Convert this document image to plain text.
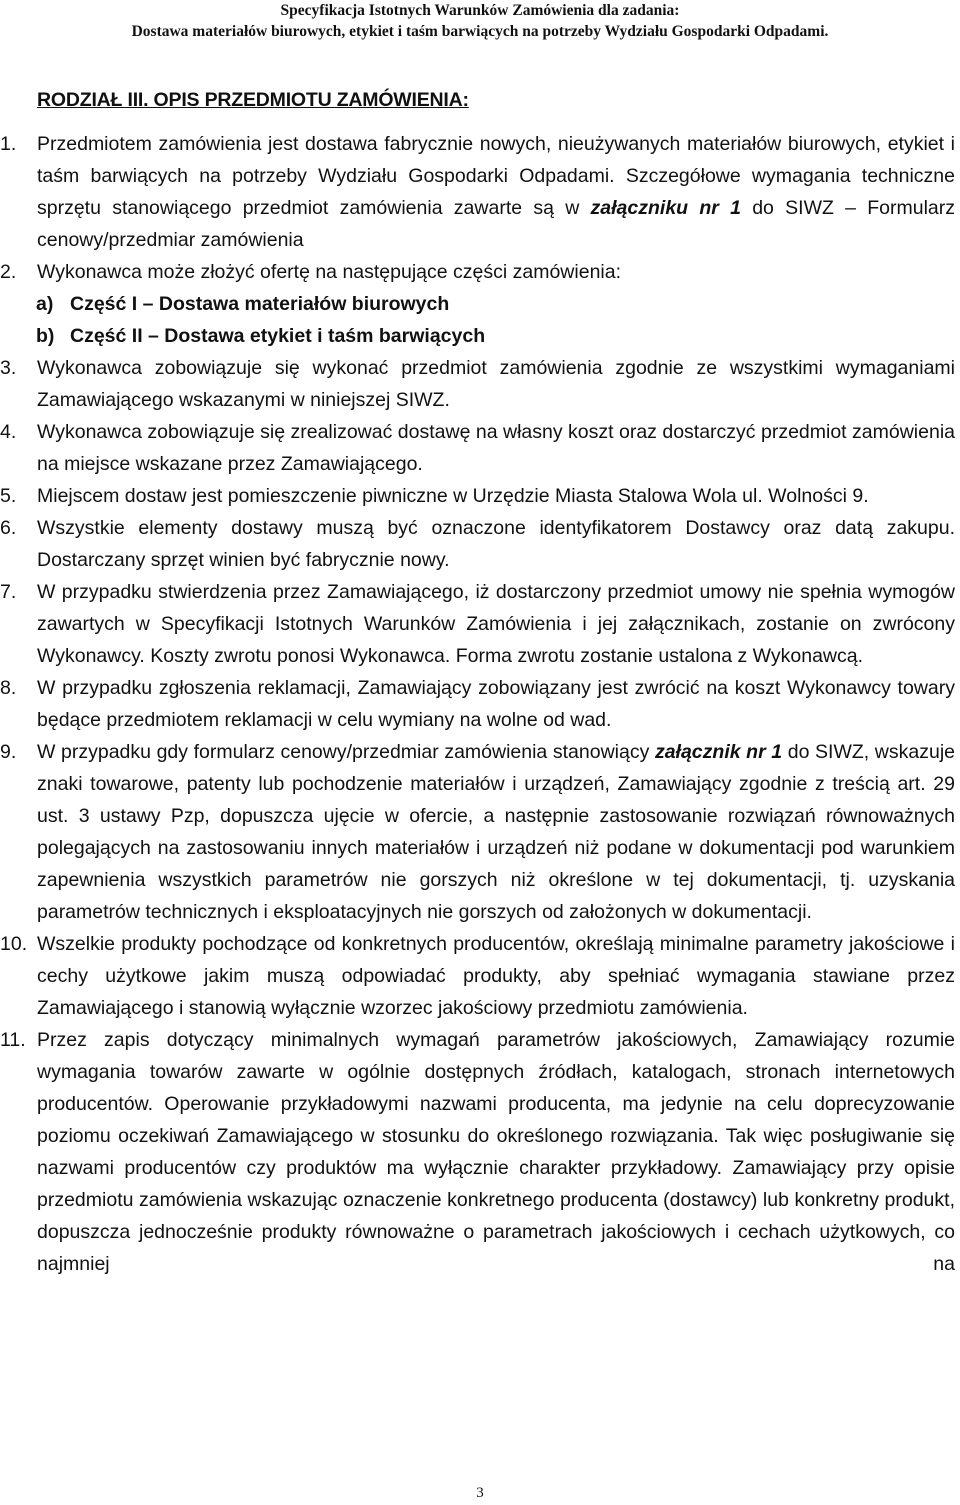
Specyfikacja Istotnych Warunków Zamówienia dla zadania:
Dostawa materiałów biurowych, etykiet i taśm barwiących na potrzeby Wydziału Gospodarki Odpadami.
RODZIAŁ III. OPIS PRZEDMIOTU ZAMÓWIENIA:
1. Przedmiotem zamówienia jest dostawa fabrycznie nowych, nieużywanych materiałów biurowych, etykiet i taśm barwiących na potrzeby Wydziału Gospodarki Odpadami. Szczegółowe wymagania techniczne sprzętu stanowiącego przedmiot zamówienia zawarte są w załączniku nr 1 do SIWZ – Formularz cenowy/przedmiar zamówienia
2. Wykonawca może złożyć ofertę na następujące części zamówienia:
a) Część I – Dostawa materiałów biurowych
b) Część II – Dostawa etykiet i taśm barwiących
3. Wykonawca zobowiązuje się wykonać przedmiot zamówienia zgodnie ze wszystkimi wymaganiami Zamawiającego wskazanymi w niniejszej SIWZ.
4. Wykonawca zobowiązuje się zrealizować dostawę na własny koszt oraz dostarczyć przedmiot zamówienia na miejsce wskazane przez Zamawiającego.
5. Miejscem dostaw jest pomieszczenie piwniczne w Urzędzie Miasta Stalowa Wola ul. Wolności 9.
6. Wszystkie elementy dostawy muszą być oznaczone identyfikatorem Dostawcy oraz datą zakupu. Dostarczany sprzęt winien być fabrycznie nowy.
7. W przypadku stwierdzenia przez Zamawiającego, iż dostarczony przedmiot umowy nie spełnia wymogów zawartych w Specyfikacji Istotnych Warunków Zamówienia i jej załącznikach, zostanie on zwrócony Wykonawcy. Koszty zwrotu ponosi Wykonawca. Forma zwrotu zostanie ustalona z Wykonawcą.
8. W przypadku zgłoszenia reklamacji, Zamawiający zobowiązany jest zwrócić na koszt Wykonawcy towary będące przedmiotem reklamacji w celu wymiany na wolne od wad.
9. W przypadku gdy formularz cenowy/przedmiar zamówienia stanowiący załącznik nr 1 do SIWZ, wskazuje znaki towarowe, patenty lub pochodzenie materiałów i urządzeń, Zamawiający zgodnie z treścią art. 29 ust. 3 ustawy Pzp, dopuszcza ujęcie w ofercie, a następnie zastosowanie rozwiązań równoważnych polegających na zastosowaniu innych materiałów i urządzeń niż podane w dokumentacji pod warunkiem zapewnienia wszystkich parametrów nie gorszych niż określone w tej dokumentacji, tj. uzyskania parametrów technicznych i eksploatacyjnych nie gorszych od założonych w dokumentacji.
10. Wszelkie produkty pochodzące od konkretnych producentów, określają minimalne parametry jakościowe i cechy użytkowe jakim muszą odpowiadać produkty, aby spełniać wymagania stawiane przez Zamawiającego i stanowią wyłącznie wzorzec jakościowy przedmiotu zamówienia.
11. Przez zapis dotyczący minimalnych wymagań parametrów jakościowych, Zamawiający rozumie wymagania towarów zawarte w ogólnie dostępnych źródłach, katalogach, stronach internetowych producentów. Operowanie przykładowymi nazwami producenta, ma jedynie na celu doprecyzowanie poziomu oczekiwań Zamawiającego w stosunku do określonego rozwiązania. Tak więc posługiwanie się nazwami producentów czy produktów ma wyłącznie charakter przykładowy. Zamawiający przy opisie przedmiotu zamówienia wskazując oznaczenie konkretnego producenta (dostawcy) lub konkretny produkt, dopuszcza jednocześnie produkty równoważne o parametrach jakościowych i cechach użytkowych, co najmniej na
3
